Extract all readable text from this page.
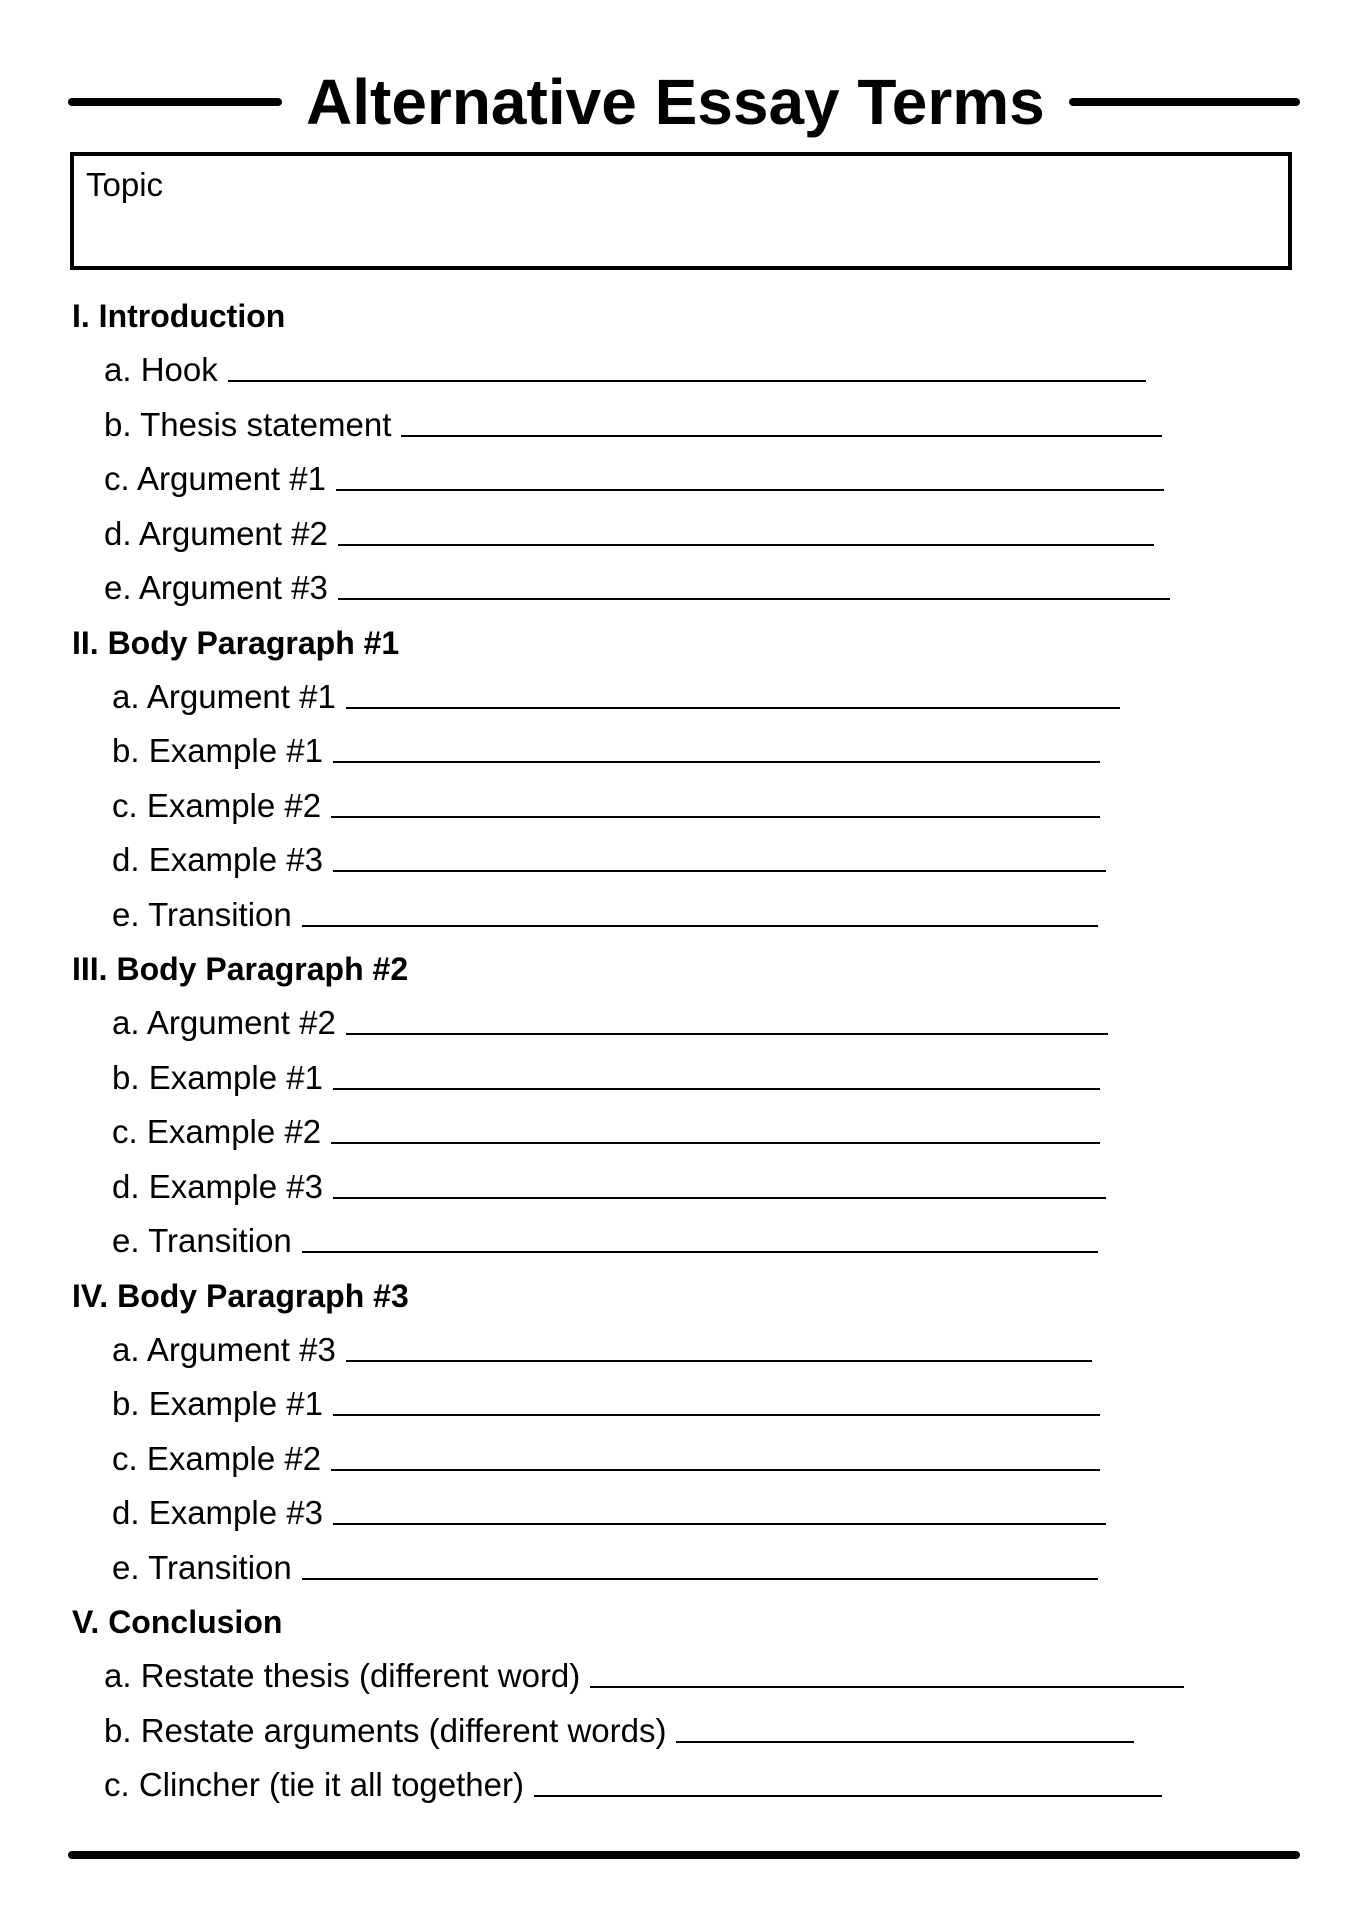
Alternative Essay Terms
Topic
I. Introduction
a. Hook
b. Thesis statement
c. Argument #1
d. Argument #2
e. Argument #3
II. Body Paragraph #1
a. Argument #1
b. Example #1
c. Example #2
d. Example #3
e. Transition
III. Body Paragraph #2
a. Argument #2
b. Example #1
c. Example #2
d. Example #3
e. Transition
IV. Body Paragraph #3
a. Argument #3
b. Example #1
c. Example #2
d. Example #3
e. Transition
V. Conclusion
a. Restate thesis (different word)
b. Restate arguments (different words)
c. Clincher (tie it all together)
